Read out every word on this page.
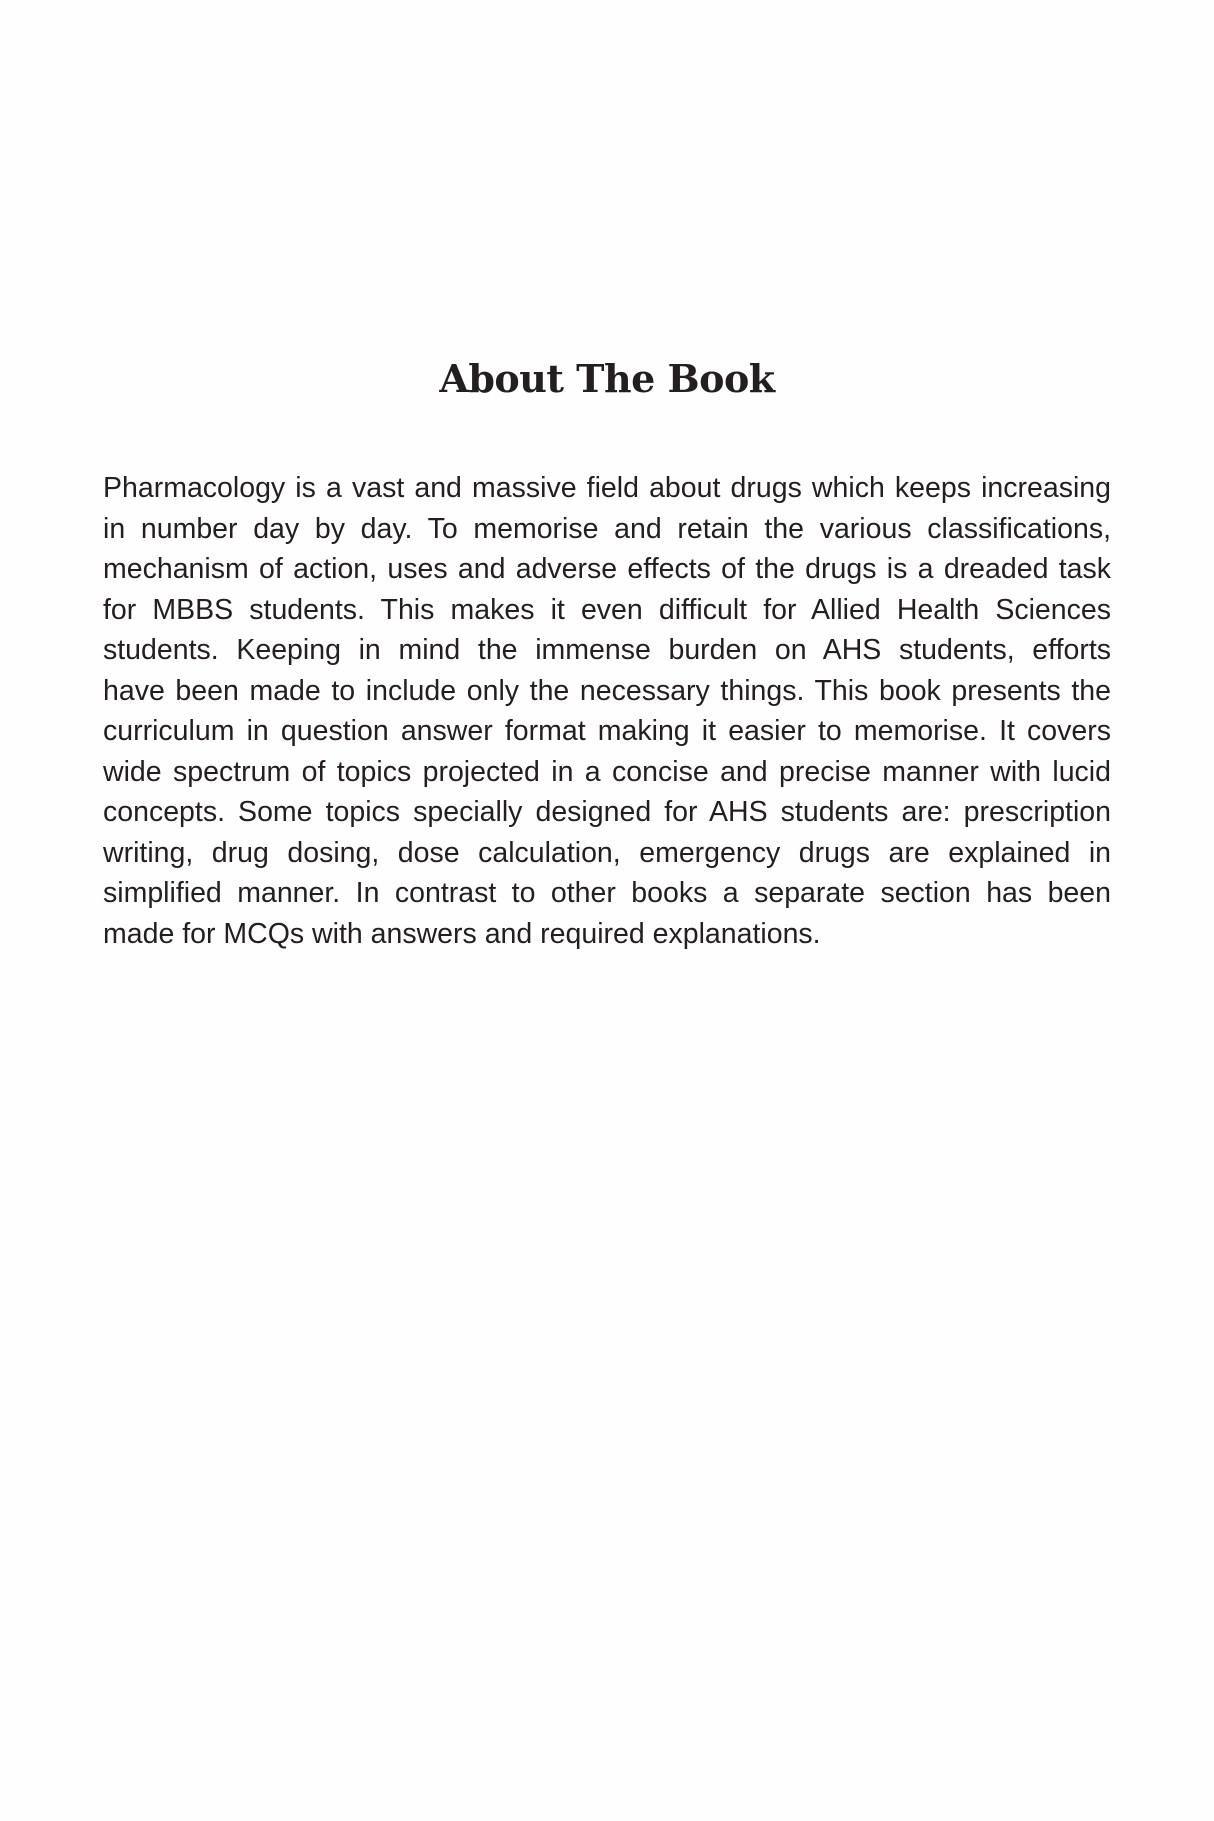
About The Book

Pharmacology is a vast and massive field about drugs which keeps increasing
in number day by day. To memorise and retain the various classifications,
mechanism of action, uses and adverse effects of the drugs is a dreaded task
for MBBS students. This makes it even difficult for Allied Health Sciences
students. Keeping in mind the immense burden on AHS students, efforts
have been made to include only the necessary things. This book presents the
curriculum in question answer format making it easier to memorise. It covers
wide spectrum of topics projected in a concise and precise manner with lucid
concepts. Some topics specially designed for AHS students are: prescription
writing, drug dosing, dose calculation, emergency drugs are explained in
simplified manner. In contrast to other books a separate section has been
made for MCQs with answers and required explanations.
